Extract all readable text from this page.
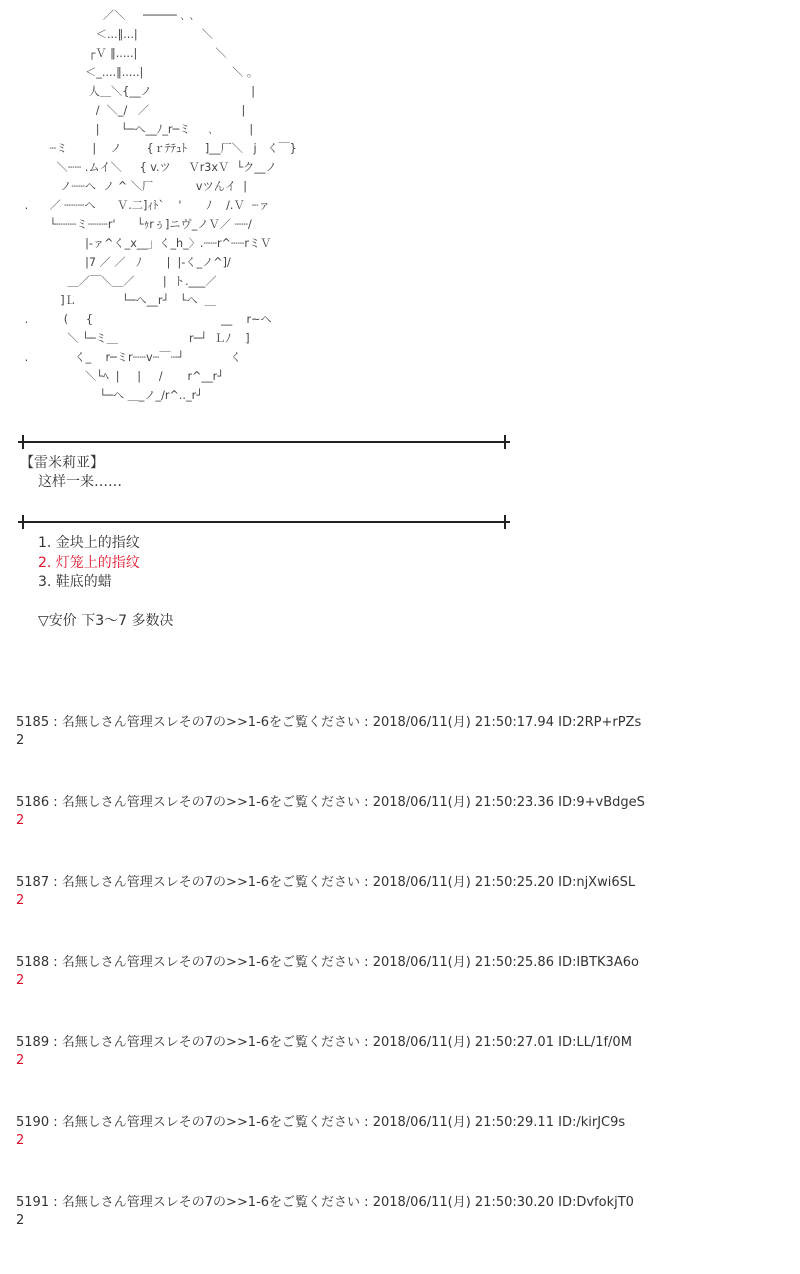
／＼     ───── ､ ､
＜...‖...|                  ＼
┌Ｖ ‖.....|                      ＼
＜_....‖.....|                         ＼ 。
人＿＼{__ノ                            |
/  ＼_/   ／                          |
|      └─へ__ﾉ_r─ミ     ､          |
┄ミ       |    ノ       {ｒﾃﾃｭﾄ     ]__厂＼   j   く￣}
＼┄┄ .ムイ＼     { v.ツ     Ｖr3xＶ  └ク__ノ
ノ┄┄へ  ノ ^ ＼厂            vツんイ  |
.      ／ ┄┄┄へ      Ｖ.二]ｨﾄ`    '       ﾉ    /.Ｖ  ┄ァ
└┄┄┄ミ┄┄┄r'      └ｩrぅ]ニヴ_ノＶ／ ┄┄/
|-ァ^く_x__」く_h_〉.┄┄r^┄┄rミＶ
|7 ／ ／   ﾉ       |  |-く_ノ^]/
＿／￣＼＿／        |  ト.___／
]Ｌ             └─へ__r┘   └へ  ＿
.          (     {                                    __    r~へ
＼ └─ミ＿                    r─┘  Ｌﾉ    ]
.             く_    r─ミr┄┄v┄￣┄┘             く
＼└ﾍ  |     |     /       r^__r┘
└─へ ＿_ノ_/r^.._r┘
【雷米莉亚】
这样一来……
1. 金块上的指纹
2. 灯笼上的指纹
3. 鞋底的蜡
▽安价 下3～7 多数决
5185 : 名無しさん管理スレその7の>>1-6をご覧ください : 2018/06/11(月) 21:50:17.94 ID:2RP+rPZs
2
5186 : 名無しさん管理スレその7の>>1-6をご覧ください : 2018/06/11(月) 21:50:23.36 ID:9+vBdgeS
2
5187 : 名無しさん管理スレその7の>>1-6をご覧ください : 2018/06/11(月) 21:50:25.20 ID:njXwi6SL
2
5188 : 名無しさん管理スレその7の>>1-6をご覧ください : 2018/06/11(月) 21:50:25.86 ID:IBTK3A6o
2
5189 : 名無しさん管理スレその7の>>1-6をご覧ください : 2018/06/11(月) 21:50:27.01 ID:LL/1f/0M
2
5190 : 名無しさん管理スレその7の>>1-6をご覧ください : 2018/06/11(月) 21:50:29.11 ID:/kirJC9s
2
5191 : 名無しさん管理スレその7の>>1-6をご覧ください : 2018/06/11(月) 21:50:30.20 ID:DvfokjT0
2
